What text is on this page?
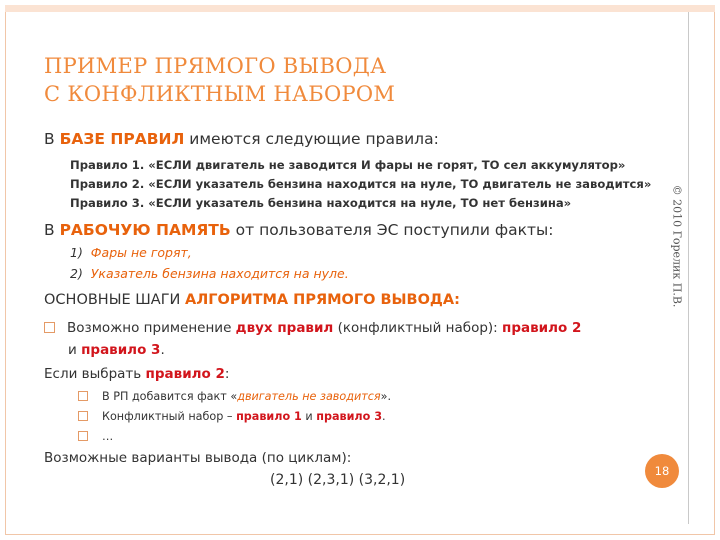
ПРИМЕР ПРЯМОГО ВЫВОДА
С КОНФЛИКТНЫМ НАБОРОМ
В БАЗЕ ПРАВИЛ имеются следующие правила:
Правило 1. «ЕСЛИ двигатель не заводится И фары не горят, ТО сел аккумулятор»
Правило 2. «ЕСЛИ указатель бензина находится на нуле, ТО двигатель не заводится»
Правило 3. «ЕСЛИ указатель бензина находится на нуле, ТО нет бензина»
В РАБОЧУЮ ПАМЯТЬ от пользователя ЭС поступили факты:
1) Фары не горят,
2) Указатель бензина находится на нуле.
ОСНОВНЫЕ ШАГИ АЛГОРИТМА ПРЯМОГО ВЫВОДА:
Возможно применение двух правил (конфликтный набор): правило 2
и правило 3.
Если выбрать правило 2:
В РП добавится факт «двигатель не заводится».
Конфликтный набор – правило 1 и правило 3.
…
Возможные варианты вывода (по циклам):
(2,1) (2,3,1) (3,2,1)
© 2010 Горелик П.В.
18
